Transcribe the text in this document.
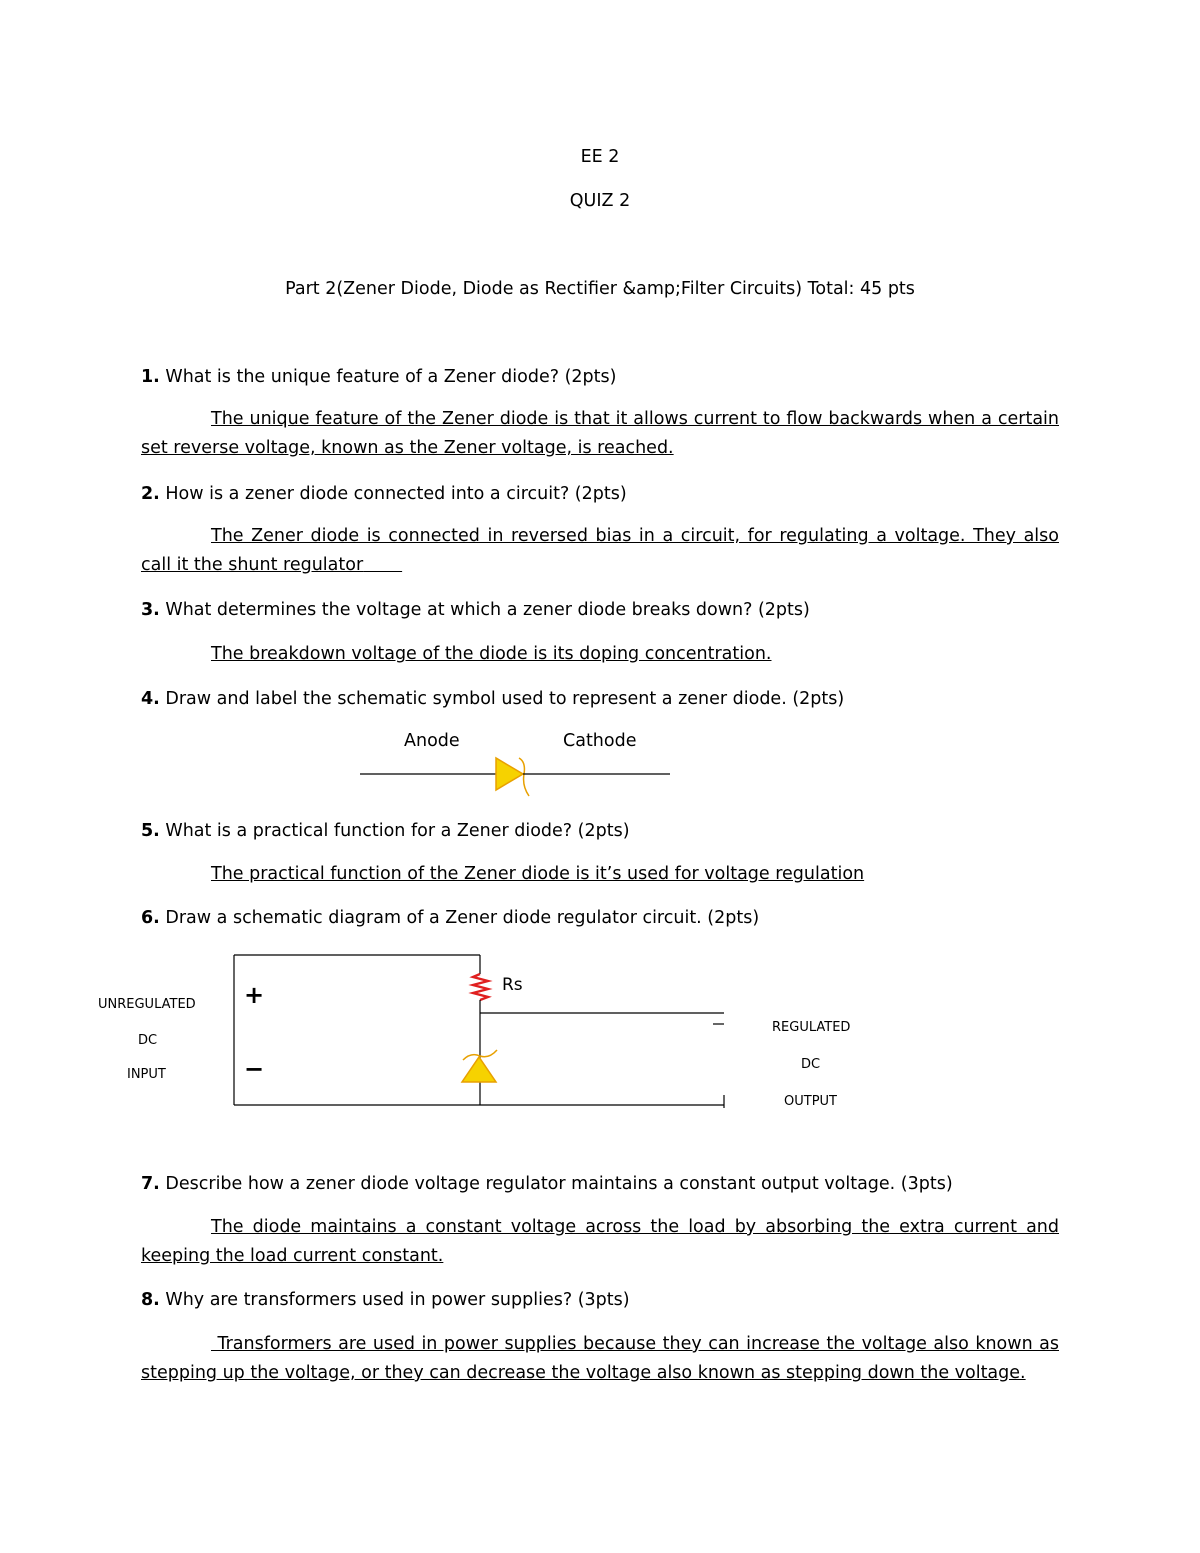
EE 2
QUIZ 2
Part 2(Zener Diode, Diode as Rectifier &amp;Filter Circuits) Total: 45 pts
1. What is the unique feature of a Zener diode? (2pts)
The unique feature of the Zener diode is that it allows current to flow backwards when a certain set reverse voltage, known as the Zener voltage, is reached.
2. How is a zener diode connected into a circuit? (2pts)
The Zener diode is connected in reversed bias in a circuit, for regulating a voltage. They also call it the shunt regulator
3. What determines the voltage at which a zener diode breaks down? (2pts)
The breakdown voltage of the diode is its doping concentration.
4. Draw and label the schematic symbol used to represent a zener diode. (2pts)
Anode	Cathode
5. What is a practical function for a Zener diode? (2pts)
The practical function of the Zener diode is it’s used for voltage regulation
6. Draw a schematic diagram of a Zener diode regulator circuit. (2pts)
UNREGULATED
DC
INPUT
REGULATED
DC
OUTPUT
Rs
+
−
7. Describe how a zener diode voltage regulator maintains a constant output voltage. (3pts)
The diode maintains a constant voltage across the load by absorbing the extra current and keeping the load current constant.
8. Why are transformers used in power supplies? (3pts)
Transformers are used in power supplies because they can increase the voltage also known as stepping up the voltage, or they can decrease the voltage also known as stepping down the voltage.
